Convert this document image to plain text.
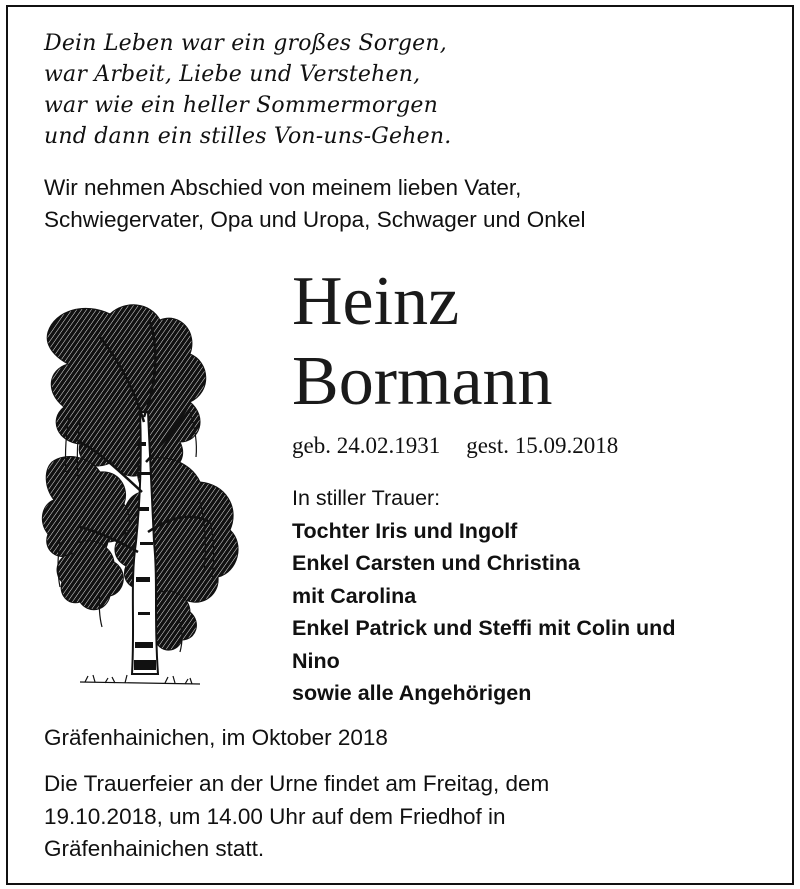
Dein Leben war ein großes Sorgen,
war Arbeit, Liebe und Verstehen,
war wie ein heller Sommermorgen
und dann ein stilles Von-uns-Gehen.
Wir nehmen Abschied von meinem lieben Vater,
Schwiegervater, Opa und Uropa, Schwager und Onkel
Heinz
Bormann
geb. 24.02.1931 gest. 15.09.2018
In stiller Trauer:
Tochter Iris und Ingolf
Enkel Carsten und Christina
mit Carolina
Enkel Patrick und Steffi mit Colin und
Nino
sowie alle Angehörigen
Gräfenhainichen, im Oktober 2018
Die Trauerfeier an der Urne findet am Freitag, dem
19.10.2018, um 14.00 Uhr auf dem Friedhof in
Gräfenhainichen statt.
